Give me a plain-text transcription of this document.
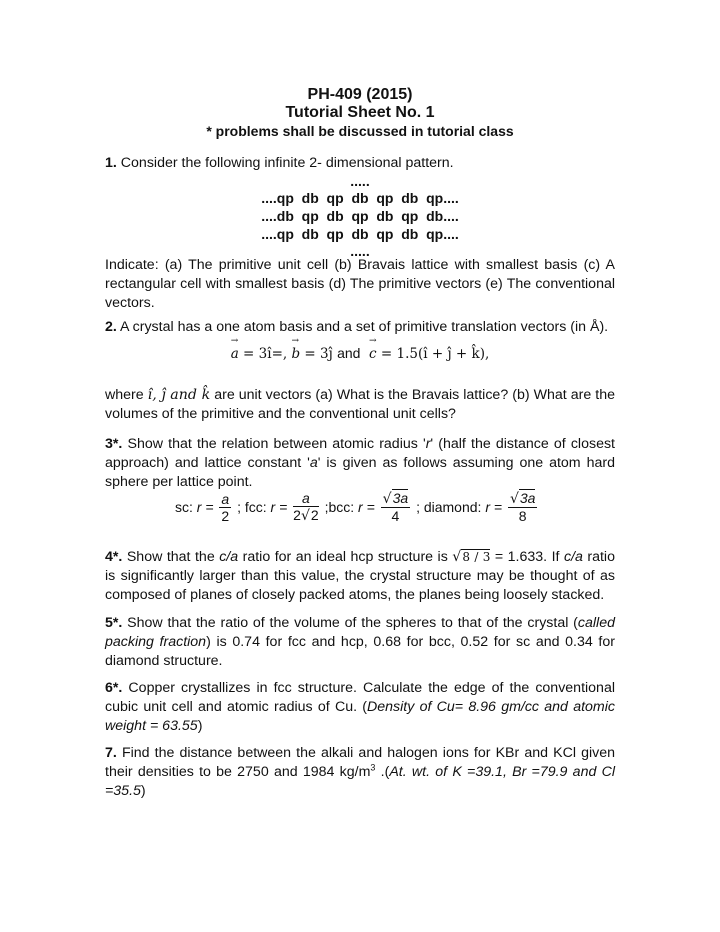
PH-409 (2015)
Tutorial Sheet No. 1
* problems shall be discussed in tutorial class
1. Consider the following infinite 2- dimensional pattern.
.....
....qp  db  qp  db  qp  db  qp....
....db  qp  db  qp  db  qp  db....
....qp  db  qp  db  qp  db  qp....
.....
Indicate: (a) The primitive unit cell (b) Bravais lattice with smallest basis (c) A rectangular cell with smallest basis (d) The primitive vectors (e) The conventional vectors.
2. A crystal has a one atom basis and a set of primitive translation vectors (in Å).
→ a = 3î=, → b = 3ĵ and  → c = 1.5(î + ĵ + k̂),
where î, ĵ and k̂ are unit vectors (a) What is the Bravais lattice? (b) What are the volumes of the primitive and the conventional unit cells?
3*. Show that the relation between atomic radius 'r' (half the distance of closest approach) and lattice constant 'a' is given as follows assuming one atom hard sphere per lattice point.
sc: $r = \frac{a}{2}$ ; fcc: $r = \frac{a}{2√2}$ ;bcc: $r = \frac{√3a}{4}$ ; diamond: $r = \frac{√3a}{8}$
4*. Show that the c/a ratio for an ideal hcp structure is √8 / 3 = 1.633. If c/a ratio is significantly larger than this value, the crystal structure may be thought of as composed of planes of closely packed atoms, the planes being loosely stacked.
5*. Show that the ratio of the volume of the spheres to that of the crystal (called packing fraction) is 0.74 for fcc and hcp, 0.68 for bcc, 0.52 for sc and 0.34 for diamond structure.
6*. Copper crystallizes in fcc structure. Calculate the edge of the conventional cubic unit cell and atomic radius of Cu. (Density of Cu= 8.96 gm/cc and atomic weight = 63.55)
7. Find the distance between the alkali and halogen ions for KBr and KCl given their densities to be 2750 and 1984 $kg/m^3$ .(At. wt. of K =39.1, Br =79.9 and Cl =35.5)
